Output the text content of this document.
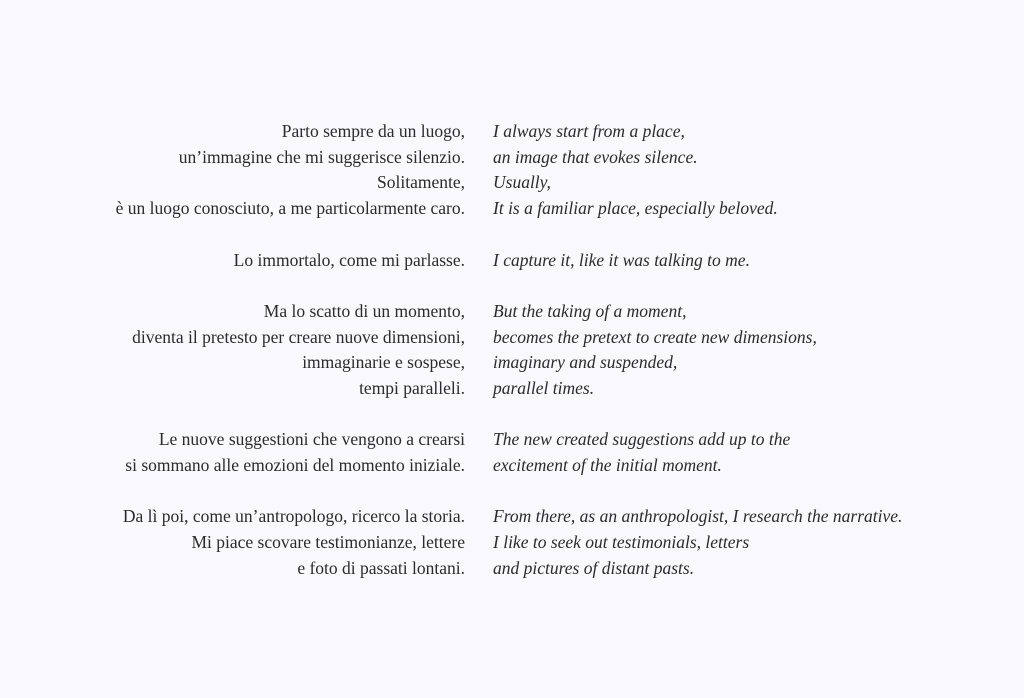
Parto sempre da un luogo,
un’immagine che mi suggerisce silenzio.
Solitamente,
è un luogo conosciuto, a me particolarmente caro.

Lo immortalo, come mi parlasse.

Ma lo scatto di un momento,
diventa il pretesto per creare nuove dimensioni,
immaginarie e sospese,
tempi paralleli.

Le nuove suggestioni che vengono a crearsi
si sommano alle emozioni del momento iniziale.

Da lì poi, come un’antropologo, ricerco la storia.
Mi piace scovare testimonianze, lettere
e foto di passati lontani.

I always start from a place,
an image that evokes silence.
Usually,
It is a familiar place, especially beloved.

I capture it, like it was talking to me.

But the taking of a moment,
becomes the pretext to create new dimensions,
imaginary and suspended,
parallel times.

The new created suggestions add up to the
excitement of the initial moment.

From there, as an anthropologist, I research the narrative.
I like to seek out testimonials, letters
and pictures of distant pasts.
